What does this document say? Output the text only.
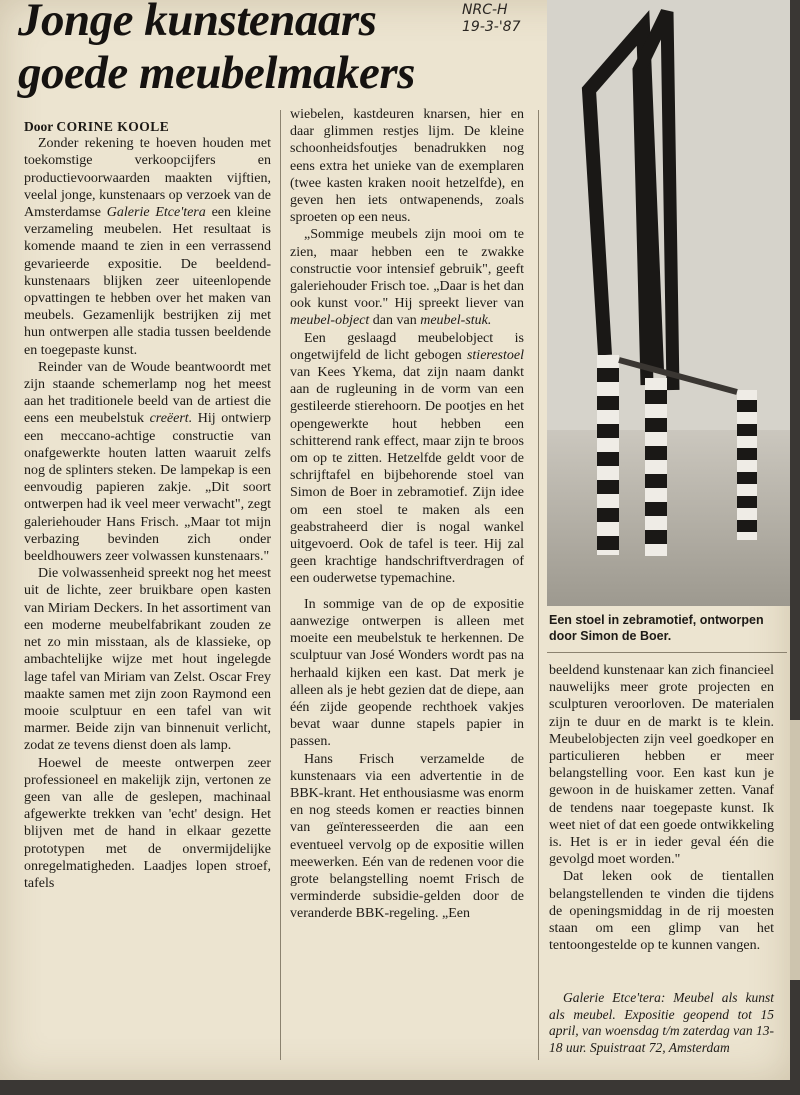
Jonge kunstenaars
goede meubelmakers
NRC-H
19-3-'87

Door CORINE KOOLE

Zonder rekening te hoeven houden met toekomstige verkoopcijfers en productievoorwaarden maakten vijftien, veelal jonge, kunstenaars op verzoek van de Amsterdamse Galerie Etce'tera een kleine verzameling meubelen. Het resultaat is komende maand te zien in een verrassend gevarieerde expositie. De beeldend-kunstenaars blijken zeer uiteenlopende opvattingen te hebben over het maken van meubels. Gezamenlijk bestrijken zij met hun ontwerpen alle stadia tussen beeldende en toegepaste kunst.

Reinder van de Woude beantwoordt met zijn staande schemerlamp nog het meest aan het traditionele beeld van de artiest die eens een meubelstuk creëert. Hij ontwierp een meccano-achtige constructie van onafgewerkte houten latten waaruit zelfs nog de splinters steken. De lampekap is een eenvoudig papieren zakje. „Dit soort ontwerpen had ik veel meer verwacht", zegt galeriehouder Hans Frisch. „Maar tot mijn verbazing bevinden zich onder beeldhouwers zeer volwassen kunstenaars."

Die volwassenheid spreekt nog het meest uit de lichte, zeer bruikbare open kasten van Miriam Deckers. In het assortiment van een moderne meubelfabrikant zouden ze net zo min misstaan, als de klassieke, op ambachtelijke wijze met hout ingelegde lage tafel van Miriam van Zelst. Oscar Frey maakte samen met zijn zoon Raymond een mooie sculptuur en een tafel van wit marmer. Beide zijn van binnenuit verlicht, zodat ze tevens dienst doen als lamp.

Hoewel de meeste ontwerpen zeer professioneel en makelijk zijn, vertonen ze geen van alle de geslepen, machinaal afgewerkte trekken van 'echt' design. Het blijven met de hand in elkaar gezette prototypen met de onvermijdelijke onregelmatigheden. Laadjes lopen stroef, tafels

wiebelen, kastdeuren knarsen, hier en daar glimmen restjes lijm. De kleine schoonheidsfoutjes benadrukken nog eens extra het unieke van de exemplaren (twee kasten kraken nooit hetzelfde), en geven hen iets ontwapenends, zoals sproeten op een neus.

„Sommige meubels zijn mooi om te zien, maar hebben een te zwakke constructie voor intensief gebruik", geeft galeriehouder Frisch toe. „Daar is het dan ook kunst voor." Hij spreekt liever van meubel-object dan van meubel-stuk.

Een geslaagd meubelobject is ongetwijfeld de licht gebogen stierestoel van Kees Ykema, dat zijn naam dankt aan de rugleuning in de vorm van een gestileerde stierehoorn. De pootjes en het opengewerkte hout hebben een schitterend rank effect, maar zijn te broos om op te zitten. Hetzelfde geldt voor de schrijftafel en bijbehorende stoel van Simon de Boer in zebramotief. Zijn idee om een stoel te maken als een geabstraheerd dier is nogal wankel uitgevoerd. Ook de tafel is teer. Hij zal geen krachtige handschriftverdragen of een ouderwetse typemachine.

In sommige van de op de expositie aanwezige ontwerpen is alleen met moeite een meubelstuk te herkennen. De sculptuur van José Wonders wordt pas na herhaald kijken een kast. Dat merk je alleen als je hebt gezien dat de diepe, aan één zijde geopende rechthoek vakjes bevat waar dunne stapels papier in passen.

Hans Frisch verzamelde de kunstenaars via een advertentie in de BBK-krant. Het enthousiasme was enorm en nog steeds komen er reacties binnen van geïnteresseerden die aan een eventueel vervolg op de expositie willen meewerken. Eén van de redenen voor die grote belangstelling noemt Frisch de verminderde subsidie-gelden door de veranderde BBK-regeling. „Een

Een stoel in zebramotief, ontworpen door Simon de Boer.

beeldend kunstenaar kan zich financieel nauwelijks meer grote projecten en sculpturen veroorloven. De materialen zijn te duur en de markt is te klein. Meubelobjecten zijn veel goedkoper en particulieren hebben er meer belangstelling voor. Een kast kun je gewoon in de huiskamer zetten. Vanaf de tendens naar toegepaste kunst. Ik weet niet of dat een goede ontwikkeling is. Het is er in ieder geval één die gevolgd moet worden."

Dat leken ook de tientallen belangstellenden te vinden die tijdens de openingsmiddag in de rij moesten staan om een glimp van het tentoongestelde op te kunnen vangen.

Galerie Etce'tera: Meubel als kunst als meubel. Expositie geopend tot 15 april, van woensdag t/m zaterdag van 13-18 uur. Spuistraat 72, Amsterdam
